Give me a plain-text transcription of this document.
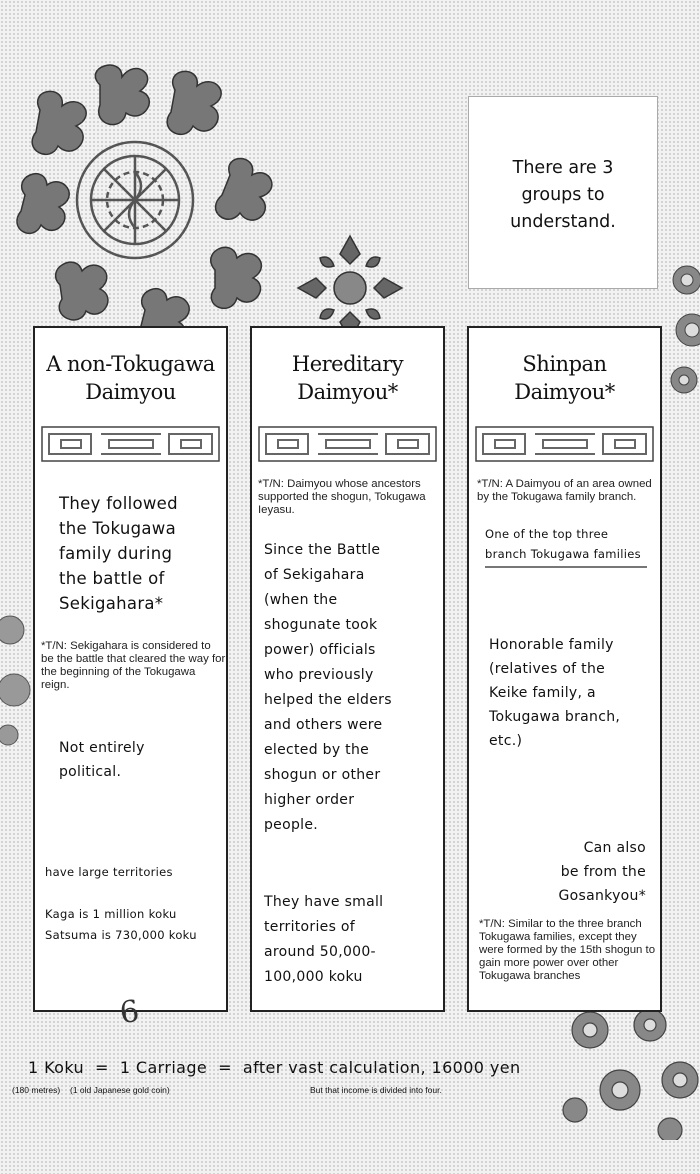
There are 3
groups to
understand.
A non-Tokugawa
Daimyou
They followed
the Tokugawa
family during
the battle of
Sekigahara*
*T/N: Sekigahara is considered to be the battle that cleared the way for the beginning of the Tokugawa reign.
Not entirely
political.
have large territories
Kaga is 1 million koku
Satsuma is 730,000 koku
Hereditary
Daimyou*
*T/N: Daimyou whose ancestors supported the shogun, Tokugawa Ieyasu.
Since the Battle
of Sekigahara
(when the
shogunate took
power) officials
who previously
helped the elders
and others were
elected by the
shogun or other
higher order
people.
They have small
territories of
around 50,000-
100,000 koku
Shinpan
Daimyou*
*T/N: A Daimyou of an area owned by the Tokugawa family branch.
One of the top three
branch Tokugawa families
Honorable family
(relatives of the
Keike family, a
Tokugawa branch,
etc.)
Can also
be from the
Gosankyou*
*T/N: Similar to the three branch Tokugawa families, except they were formed by the 15th shogun to gain more power over other Tokugawa branches
6
1 Koku  =  1 Carriage  =  after vast calculation, 16000 yen
(180 metres) (1 old Japanese gold coin)	But that income is divided into four.
